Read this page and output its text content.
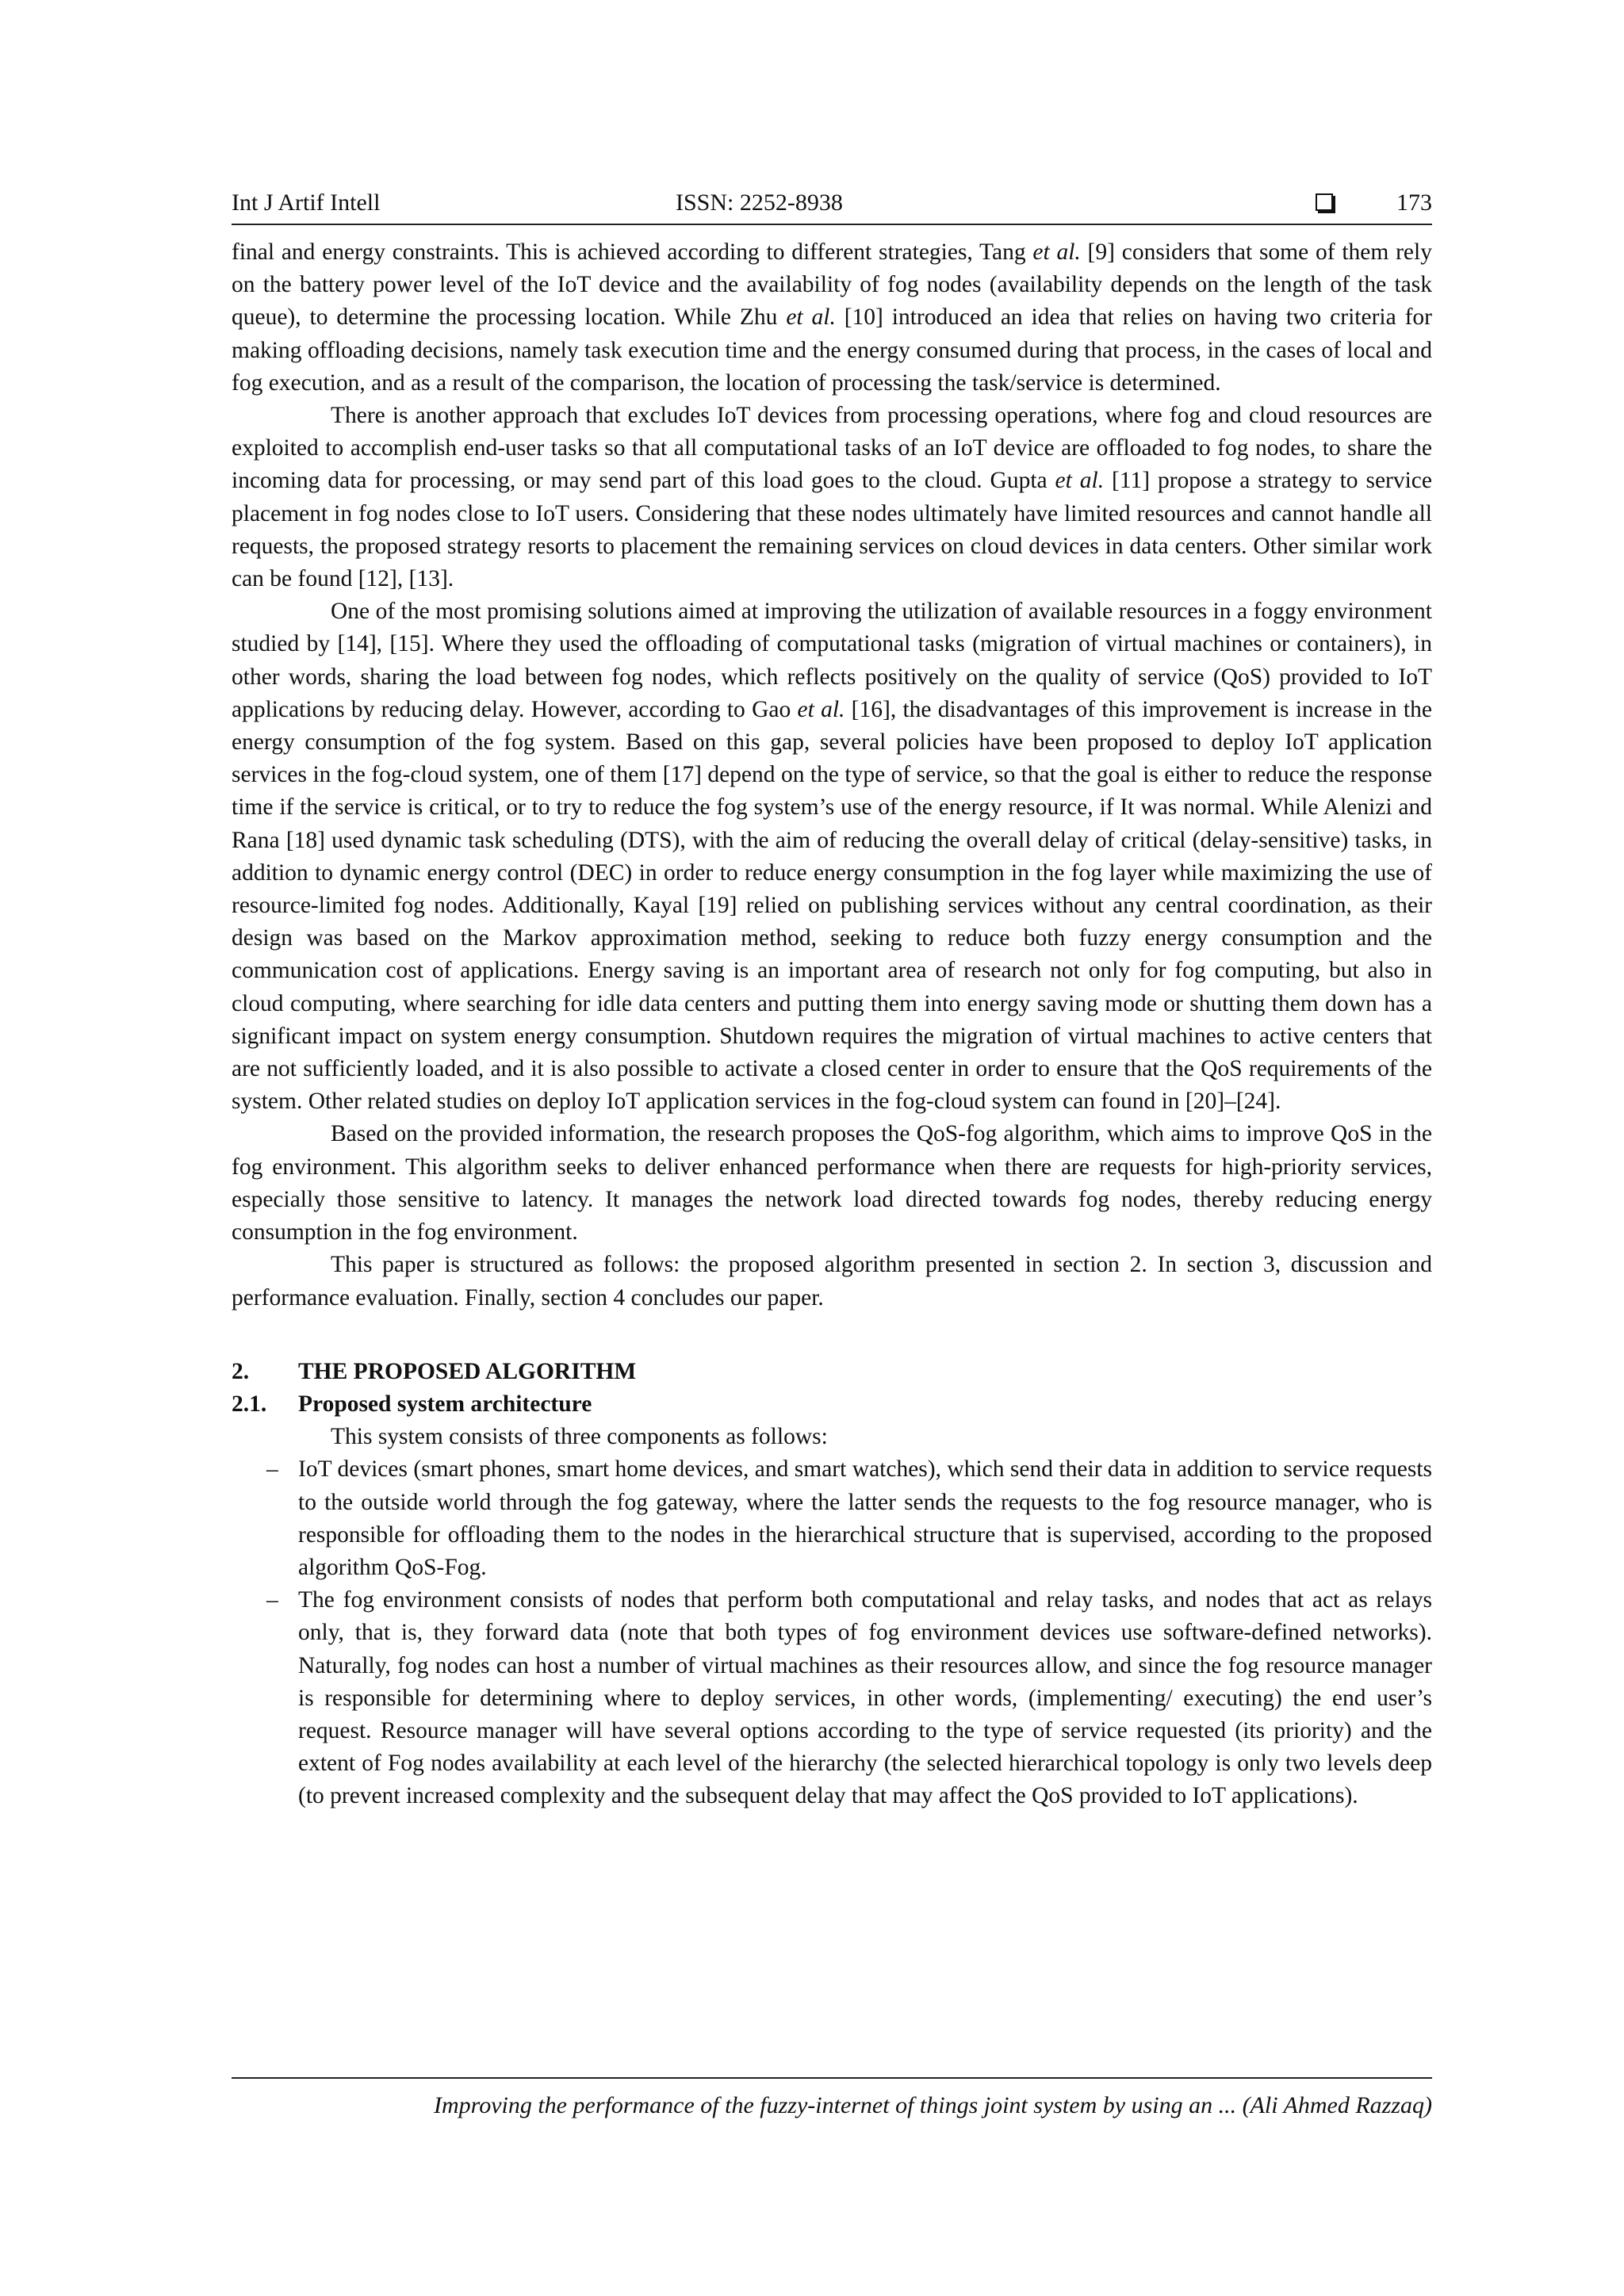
Int J Artif Intell	ISSN: 2252-8938	173

final and energy constraints. This is achieved according to different strategies, Tang et al. [9] considers that some of them rely on the battery power level of the IoT device and the availability of fog nodes (availability depends on the length of the task queue), to determine the processing location. While Zhu et al. [10] introduced an idea that relies on having two criteria for making offloading decisions, namely task execution time and the energy consumed during that process, in the cases of local and fog execution, and as a result of the comparison, the location of processing the task/service is determined.

There is another approach that excludes IoT devices from processing operations, where fog and cloud resources are exploited to accomplish end-user tasks so that all computational tasks of an IoT device are offloaded to fog nodes, to share the incoming data for processing, or may send part of this load goes to the cloud. Gupta et al. [11] propose a strategy to service placement in fog nodes close to IoT users. Considering that these nodes ultimately have limited resources and cannot handle all requests, the proposed strategy resorts to placement the remaining services on cloud devices in data centers. Other similar work can be found [12], [13].

One of the most promising solutions aimed at improving the utilization of available resources in a foggy environment studied by [14], [15]. Where they used the offloading of computational tasks (migration of virtual machines or containers), in other words, sharing the load between fog nodes, which reflects positively on the quality of service (QoS) provided to IoT applications by reducing delay. However, according to Gao et al. [16], the disadvantages of this improvement is increase in the energy consumption of the fog system. Based on this gap, several policies have been proposed to deploy IoT application services in the fog-cloud system, one of them [17] depend on the type of service, so that the goal is either to reduce the response time if the service is critical, or to try to reduce the fog system’s use of the energy resource, if It was normal. While Alenizi and Rana [18] used dynamic task scheduling (DTS), with the aim of reducing the overall delay of critical (delay-sensitive) tasks, in addition to dynamic energy control (DEC) in order to reduce energy consumption in the fog layer while maximizing the use of resource-limited fog nodes. Additionally, Kayal [19] relied on publishing services without any central coordination, as their design was based on the Markov approximation method, seeking to reduce both fuzzy energy consumption and the communication cost of applications. Energy saving is an important area of research not only for fog computing, but also in cloud computing, where searching for idle data centers and putting them into energy saving mode or shutting them down has a significant impact on system energy consumption. Shutdown requires the migration of virtual machines to active centers that are not sufficiently loaded, and it is also possible to activate a closed center in order to ensure that the QoS requirements of the system. Other related studies on deploy IoT application services in the fog-cloud system can found in [20]–[24].

Based on the provided information, the research proposes the QoS-fog algorithm, which aims to improve QoS in the fog environment. This algorithm seeks to deliver enhanced performance when there are requests for high-priority services, especially those sensitive to latency. It manages the network load directed towards fog nodes, thereby reducing energy consumption in the fog environment.

This paper is structured as follows: the proposed algorithm presented in section 2. In section 3, discussion and performance evaluation. Finally, section 4 concludes our paper.

2.	THE PROPOSED ALGORITHM
2.1.	Proposed system architecture

This system consists of three components as follows:

– IoT devices (smart phones, smart home devices, and smart watches), which send their data in addition to service requests to the outside world through the fog gateway, where the latter sends the requests to the fog resource manager, who is responsible for offloading them to the nodes in the hierarchical structure that is supervised, according to the proposed algorithm QoS-Fog.
– The fog environment consists of nodes that perform both computational and relay tasks, and nodes that act as relays only, that is, they forward data (note that both types of fog environment devices use software-defined networks). Naturally, fog nodes can host a number of virtual machines as their resources allow, and since the fog resource manager is responsible for determining where to deploy services, in other words, (implementing/ executing) the end user’s request. Resource manager will have several options according to the type of service requested (its priority) and the extent of Fog nodes availability at each level of the hierarchy (the selected hierarchical topology is only two levels deep (to prevent increased complexity and the subsequent delay that may affect the QoS provided to IoT applications).
Improving the performance of the fuzzy-internet of things joint system by using an ... (Ali Ahmed Razzaq)
